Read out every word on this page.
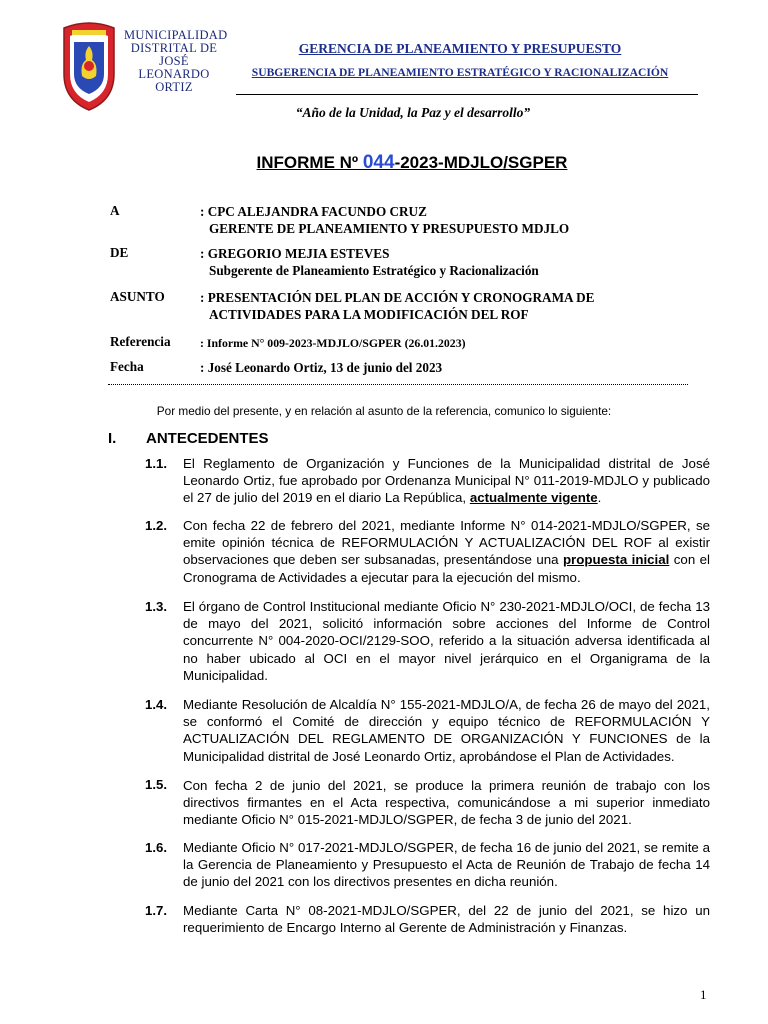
MUNICIPALIDAD DISTRITAL DE JOSÉ LEONARDO ORTIZ
GERENCIA DE PLANEAMIENTO Y PRESUPUESTO
SUBGERENCIA DE PLANEAMIENTO ESTRATÉGICO Y RACIONALIZACIÓN
“Año de la Unidad, la Paz y el desarrollo”
INFORME Nº 044-2023-MDJLO/SGPER
A	: CPC ALEJANDRA FACUNDO CRUZ
GERENTE DE PLANEAMIENTO Y PRESUPUESTO MDJLO
DE	: GREGORIO MEJIA ESTEVES
Subgerente de Planeamiento Estratégico y Racionalización
ASUNTO	: PRESENTACIÓN DEL PLAN DE ACCIÓN Y CRONOGRAMA DE
ACTIVIDADES PARA LA MODIFICACIÓN DEL ROF
Referencia : Informe N° 009-2023-MDJLO/SGPER (26.01.2023)
Fecha	: José Leonardo Ortiz, 13 de junio del 2023
Por medio del presente, y en relación al asunto de la referencia, comunico lo siguiente:
I. ANTECEDENTES
1.1. El Reglamento de Organización y Funciones de la Municipalidad distrital de José Leonardo Ortiz, fue aprobado por Ordenanza Municipal N° 011-2019-MDJLO y publicado el 27 de julio del 2019 en el diario La República, actualmente vigente.

1.2. Con fecha 22 de febrero del 2021, mediante Informe N° 014-2021-MDJLO/SGPER, se emite opinión técnica de REFORMULACIÓN Y ACTUALIZACIÓN DEL ROF al existir observaciones que deben ser subsanadas, presentándose una propuesta inicial con el Cronograma de Actividades a ejecutar para la ejecución del mismo.

1.3. El órgano de Control Institucional mediante Oficio N° 230-2021-MDJLO/OCI, de fecha 13 de mayo del 2021, solicitó información sobre acciones del Informe de Control concurrente N° 004-2020-OCI/2129-SOO, referido a la situación adversa identificada al no haber ubicado al OCI en el mayor nivel jerárquico en el Organigrama de la Municipalidad.

1.4. Mediante Resolución de Alcaldía N° 155-2021-MDJLO/A, de fecha 26 de mayo del 2021, se conformó el Comité de dirección y equipo técnico de REFORMULACIÓN Y ACTUALIZACIÓN DEL REGLAMENTO DE ORGANIZACIÓN Y FUNCIONES de la Municipalidad distrital de José Leonardo Ortiz, aprobándose el Plan de Actividades.

1.5. Con fecha 2 de junio del 2021, se produce la primera reunión de trabajo con los directivos firmantes en el Acta respectiva, comunicándose a mi superior inmediato mediante Oficio N° 015-2021-MDJLO/SGPER, de fecha 3 de junio del 2021.

1.6. Mediante Oficio N° 017-2021-MDJLO/SGPER, de fecha 16 de junio del 2021, se remite a la Gerencia de Planeamiento y Presupuesto el Acta de Reunión de Trabajo de fecha 14 de junio del 2021 con los directivos presentes en dicha reunión.

1.7. Mediante Carta N° 08-2021-MDJLO/SGPER, del 22 de junio del 2021, se hizo un requerimiento de Encargo Interno al Gerente de Administración y Finanzas.

1
